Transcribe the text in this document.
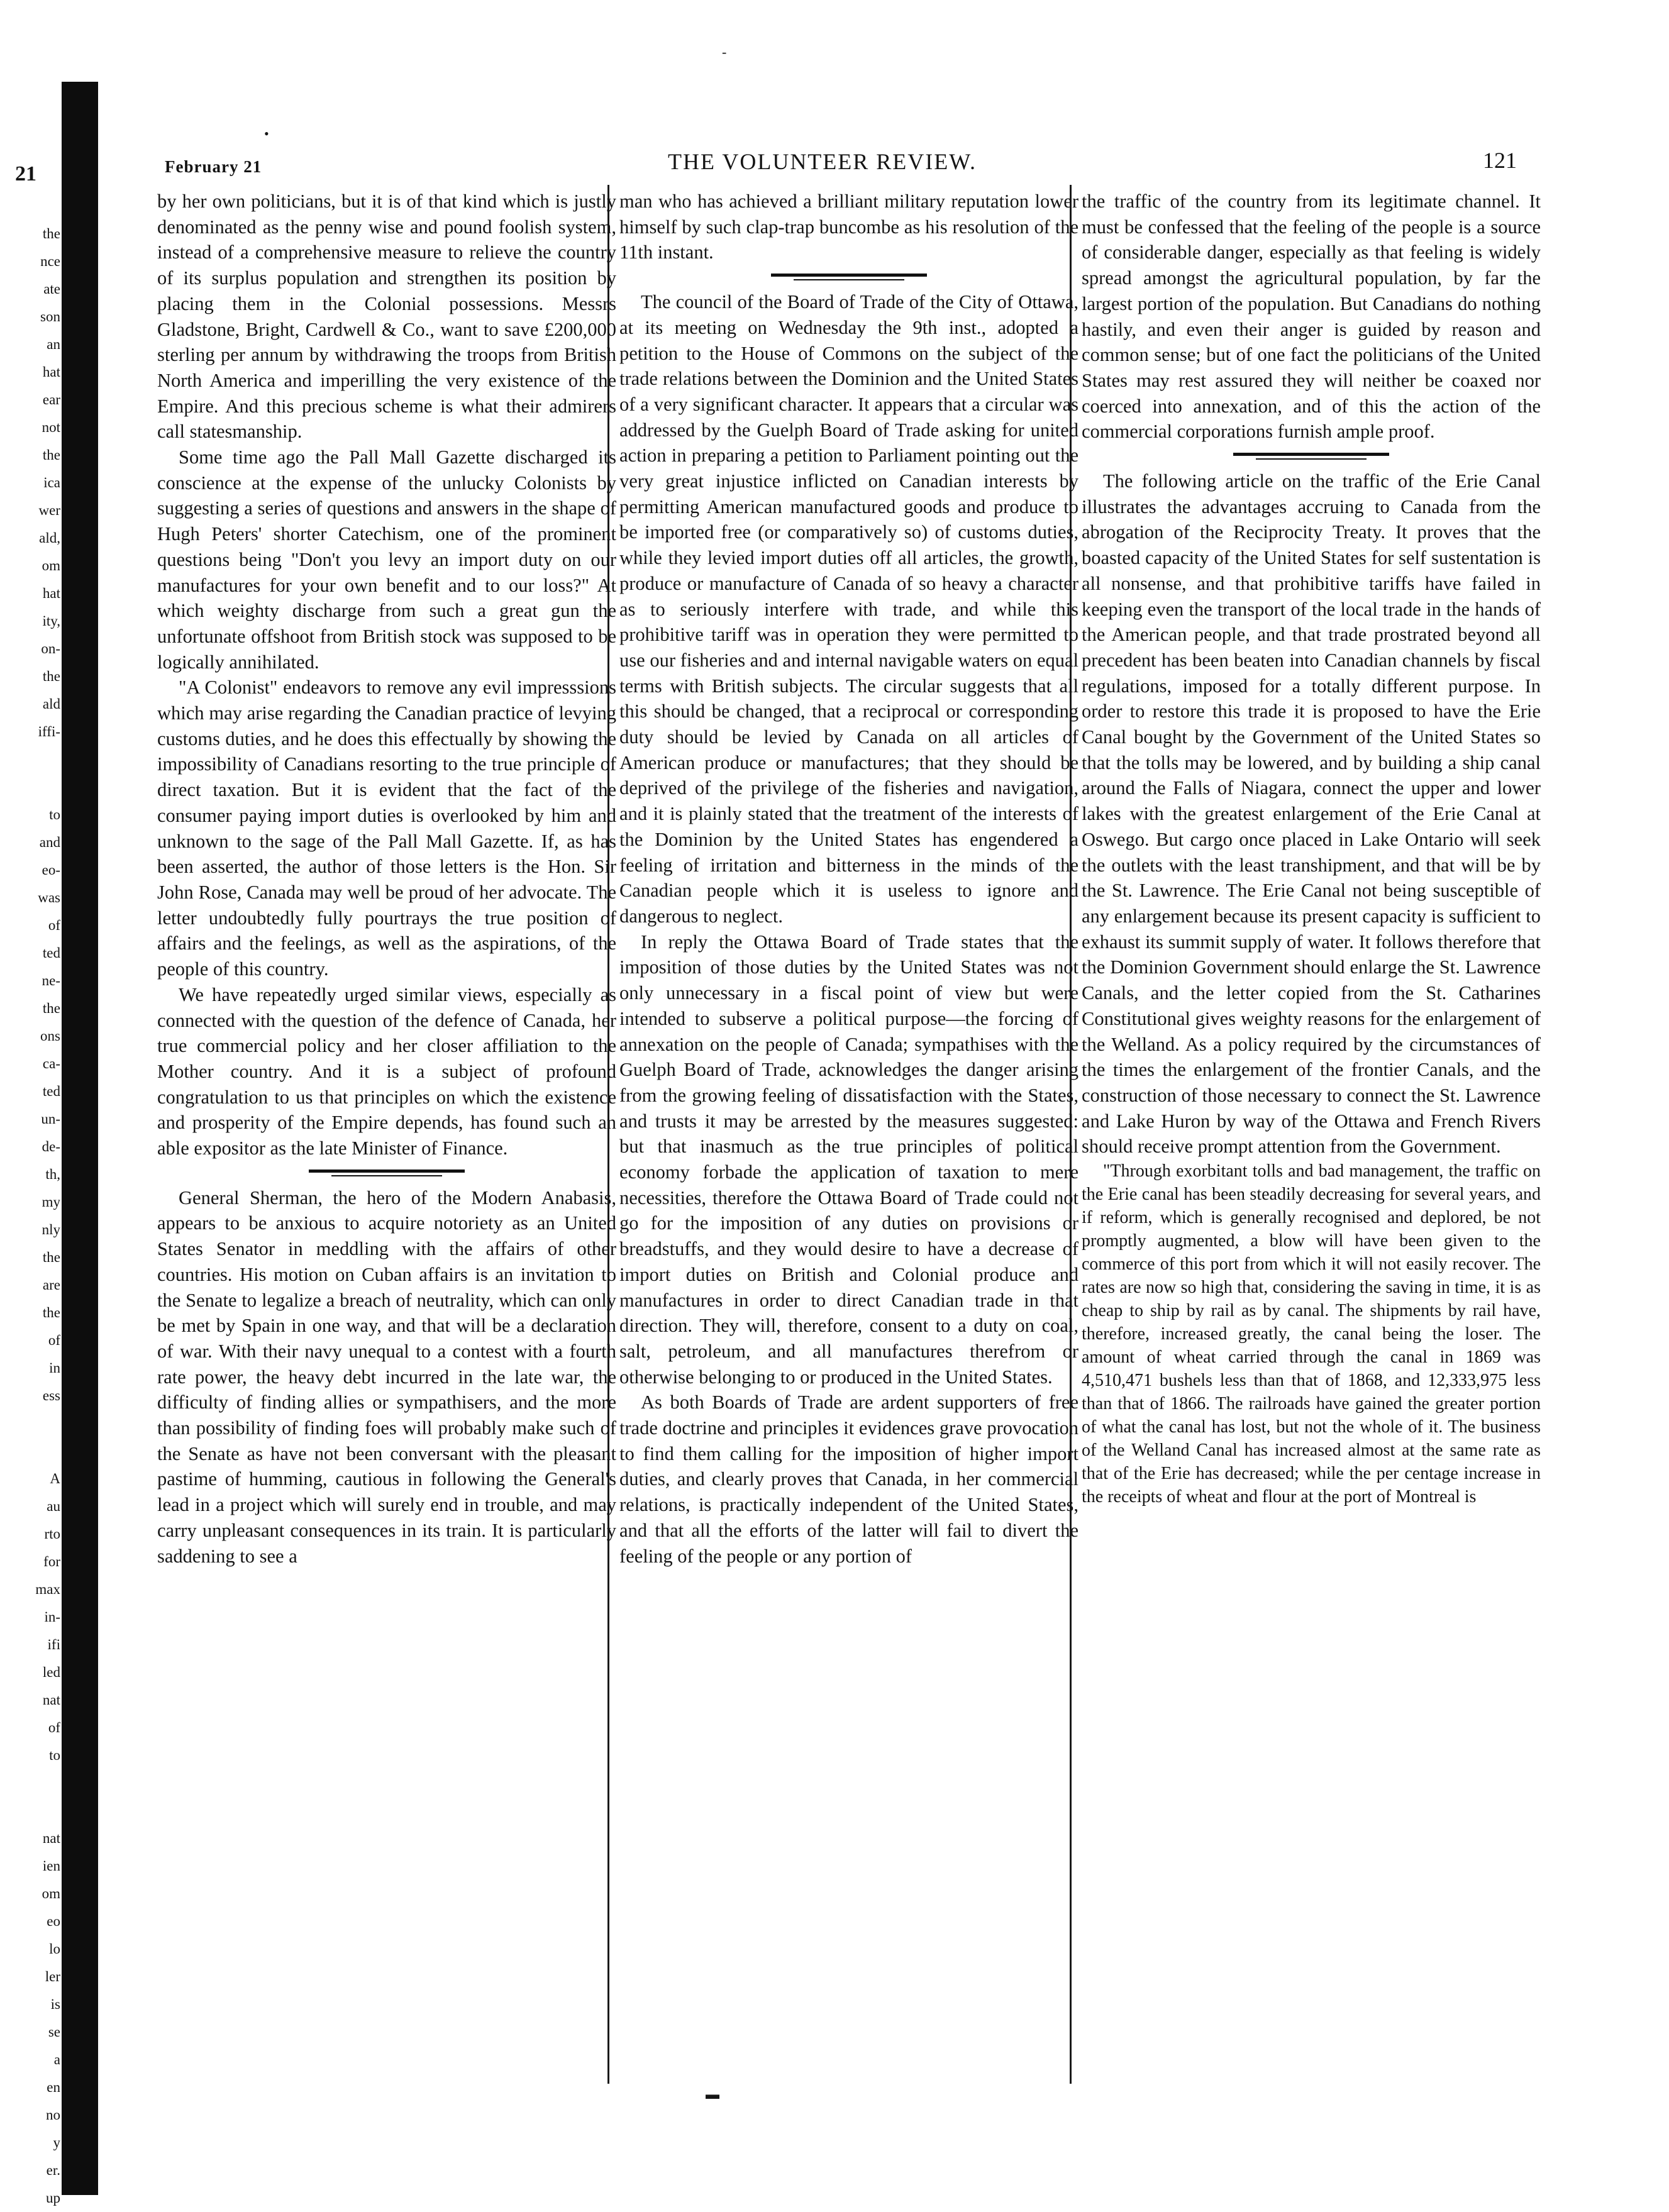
21
the
nce
ate
son
an
hat
ear
not
the
ica
wer
ald,
om
hat
ity,
on-
the
ald
iffi-
to
and
eo-
was
of
ted
ne-
the
ons
ca-
ted
un-
de-
th,
my
nly
the
are
the
of
in
ess
A
au
rto
for
max
in-
ifi
led
nat
of
to
nat
ien
om
eo
lo
ler
is
se
a
en
no
y
er.
up
•
-
▬
February 21	THE VOLUNTEER REVIEW.	121

by her own politicians, but it is of that kind which is justly denominated as the penny wise and pound foolish system, instead of a comprehensive measure to relieve the country of its surplus population and strengthen its position by placing them in the Colonial possessions. Messrs Gladstone, Bright, Cardwell & Co., want to save £200,000 sterling per annum by withdrawing the troops from British North America and imperilling the very existence of the Empire. And this precious scheme is what their admirers call statesmanship.

Some time ago the Pall Mall Gazette discharged its conscience at the expense of the unlucky Colonists by suggesting a series of questions and answers in the shape of Hugh Peters' shorter Catechism, one of the prominent questions being "Don't you levy an import duty on our manufactures for your own benefit and to our loss?" At which weighty discharge from such a great gun the unfortunate offshoot from British stock was supposed to be logically annihilated.

"A Colonist" endeavors to remove any evil impresssions which may arise regarding the Canadian practice of levying customs duties, and he does this effectually by showing the impossibility of Canadians resorting to the true principle of direct taxation. But it is evident that the fact of the consumer paying import duties is overlooked by him and unknown to the sage of the Pall Mall Gazette. If, as has been asserted, the author of those letters is the Hon. Sir John Rose, Canada may well be proud of her advocate. The letter undoubtedly fully pourtrays the true position of affairs and the feelings, as well as the aspirations, of the people of this country.

We have repeatedly urged similar views, especially as connected with the question of the defence of Canada, her true commercial policy and her closer affiliation to the Mother country. And it is a subject of profound congratulation to us that principles on which the existence and prosperity of the Empire depends, has found such an able expositor as the late Minister of Finance.

General Sherman, the hero of the Modern Anabasis, appears to be anxious to acquire notoriety as an United States Senator in meddling with the affairs of other countries. His motion on Cuban affairs is an invitation to the Senate to legalize a breach of neutrality, which can only be met by Spain in one way, and that will be a declaration of war. With their navy unequal to a contest with a fourth rate power, the heavy debt incurred in the late war, the difficulty of finding allies or sympathisers, and the more than possibility of finding foes will probably make such of the Senate as have not been conversant with the pleasant pastime of humming, cautious in following the General's lead in a project which will surely end in trouble, and may carry unpleasant consequences in its train. It is particularly saddening to see a

man who has achieved a brilliant military reputation lower himself by such clap-trap buncombe as his resolution of the 11th instant.

The council of the Board of Trade of the City of Ottawa, at its meeting on Wednesday the 9th inst., adopted a petition to the House of Commons on the subject of the trade relations between the Dominion and the United States of a very significant character. It appears that a circular was addressed by the Guelph Board of Trade asking for united action in preparing a petition to Parliament pointing out the very great injustice inflicted on Canadian interests by permitting American manufactured goods and produce to be imported free (or comparatively so) of customs duties, while they levied import duties off all articles, the growth, produce or manufacture of Canada of so heavy a character as to seriously interfere with trade, and while this prohibitive tariff was in operation they were permitted to use our fisheries and and internal navigable waters on equal terms with British subjects. The circular suggests that all this should be changed, that a reciprocal or corresponding duty should be levied by Canada on all articles of American produce or manufactures; that they should be deprived of the privilege of the fisheries and navigation, and it is plainly stated that the treatment of the interests of the Dominion by the United States has engendered a feeling of irritation and bitterness in the minds of the Canadian people which it is useless to ignore and dangerous to neglect.

In reply the Ottawa Board of Trade states that the imposition of those duties by the United States was not only unnecessary in a fiscal point of view but were intended to subserve a political purpose—the forcing of annexation on the people of Canada; sympathises with the Guelph Board of Trade, acknowledges the danger arising from the growing feeling of dissatisfaction with the States, and trusts it may be arrested by the measures suggested: but that inasmuch as the true principles of political economy forbade the application of taxation to mere necessities, therefore the Ottawa Board of Trade could not go for the imposition of any duties on provisions or breadstuffs, and they would desire to have a decrease of import duties on British and Colonial produce and manufactures in order to direct Canadian trade in that direction. They will, therefore, consent to a duty on coal, salt, petroleum, and all manufactures therefrom or otherwise belonging to or produced in the United States.

As both Boards of Trade are ardent supporters of free trade doctrine and principles it evidences grave provocation to find them calling for the imposition of higher import duties, and clearly proves that Canada, in her commercial relations, is practically independent of the United States, and that all the efforts of the latter will fail to divert the feeling of the people or any portion of

the traffic of the country from its legitimate channel. It must be confessed that the feeling of the people is a source of considerable danger, especially as that feeling is widely spread amongst the agricultural population, by far the largest portion of the population. But Canadians do nothing hastily, and even their anger is guided by reason and common sense; but of one fact the politicians of the United States may rest assured they will neither be coaxed nor coerced into annexation, and of this the action of the commercial corporations furnish ample proof.

The following article on the traffic of the Erie Canal illustrates the advantages accruing to Canada from the abrogation of the Reciprocity Treaty. It proves that the boasted capacity of the United States for self sustentation is all nonsense, and that prohibitive tariffs have failed in keeping even the transport of the local trade in the hands of the American people, and that trade prostrated beyond all precedent has been beaten into Canadian channels by fiscal regulations, imposed for a totally different purpose. In order to restore this trade it is proposed to have the Erie Canal bought by the Government of the United States so that the tolls may be lowered, and by building a ship canal around the Falls of Niagara, connect the upper and lower lakes with the greatest enlargement of the Erie Canal at Oswego. But cargo once placed in Lake Ontario will seek the outlets with the least transhipment, and that will be by the St. Lawrence. The Erie Canal not being susceptible of any enlargement because its present capacity is sufficient to exhaust its summit supply of water. It follows therefore that the Dominion Government should enlarge the St. Lawrence Canals, and the letter copied from the St. Catharines Constitutional gives weighty reasons for the enlargement of the Welland. As a policy required by the circumstances of the times the enlargement of the frontier Canals, and the construction of those necessary to connect the St. Lawrence and Lake Huron by way of the Ottawa and French Rivers should receive prompt attention from the Government.

"Through exorbitant tolls and bad management, the traffic on the Erie canal has been steadily decreasing for several years, and if reform, which is generally recognised and deplored, be not promptly augmented, a blow will have been given to the commerce of this port from which it will not easily recover. The rates are now so high that, considering the saving in time, it is as cheap to ship by rail as by canal. The shipments by rail have, therefore, increased greatly, the canal being the loser. The amount of wheat carried through the canal in 1869 was 4,510,471 bushels less than that of 1868, and 12,333,975 less than that of 1866. The railroads have gained the greater portion of what the canal has lost, but not the whole of it. The business of the Welland Canal has increased almost at the same rate as that of the Erie has decreased; while the per centage increase in the receipts of wheat and flour at the port of Montreal is
